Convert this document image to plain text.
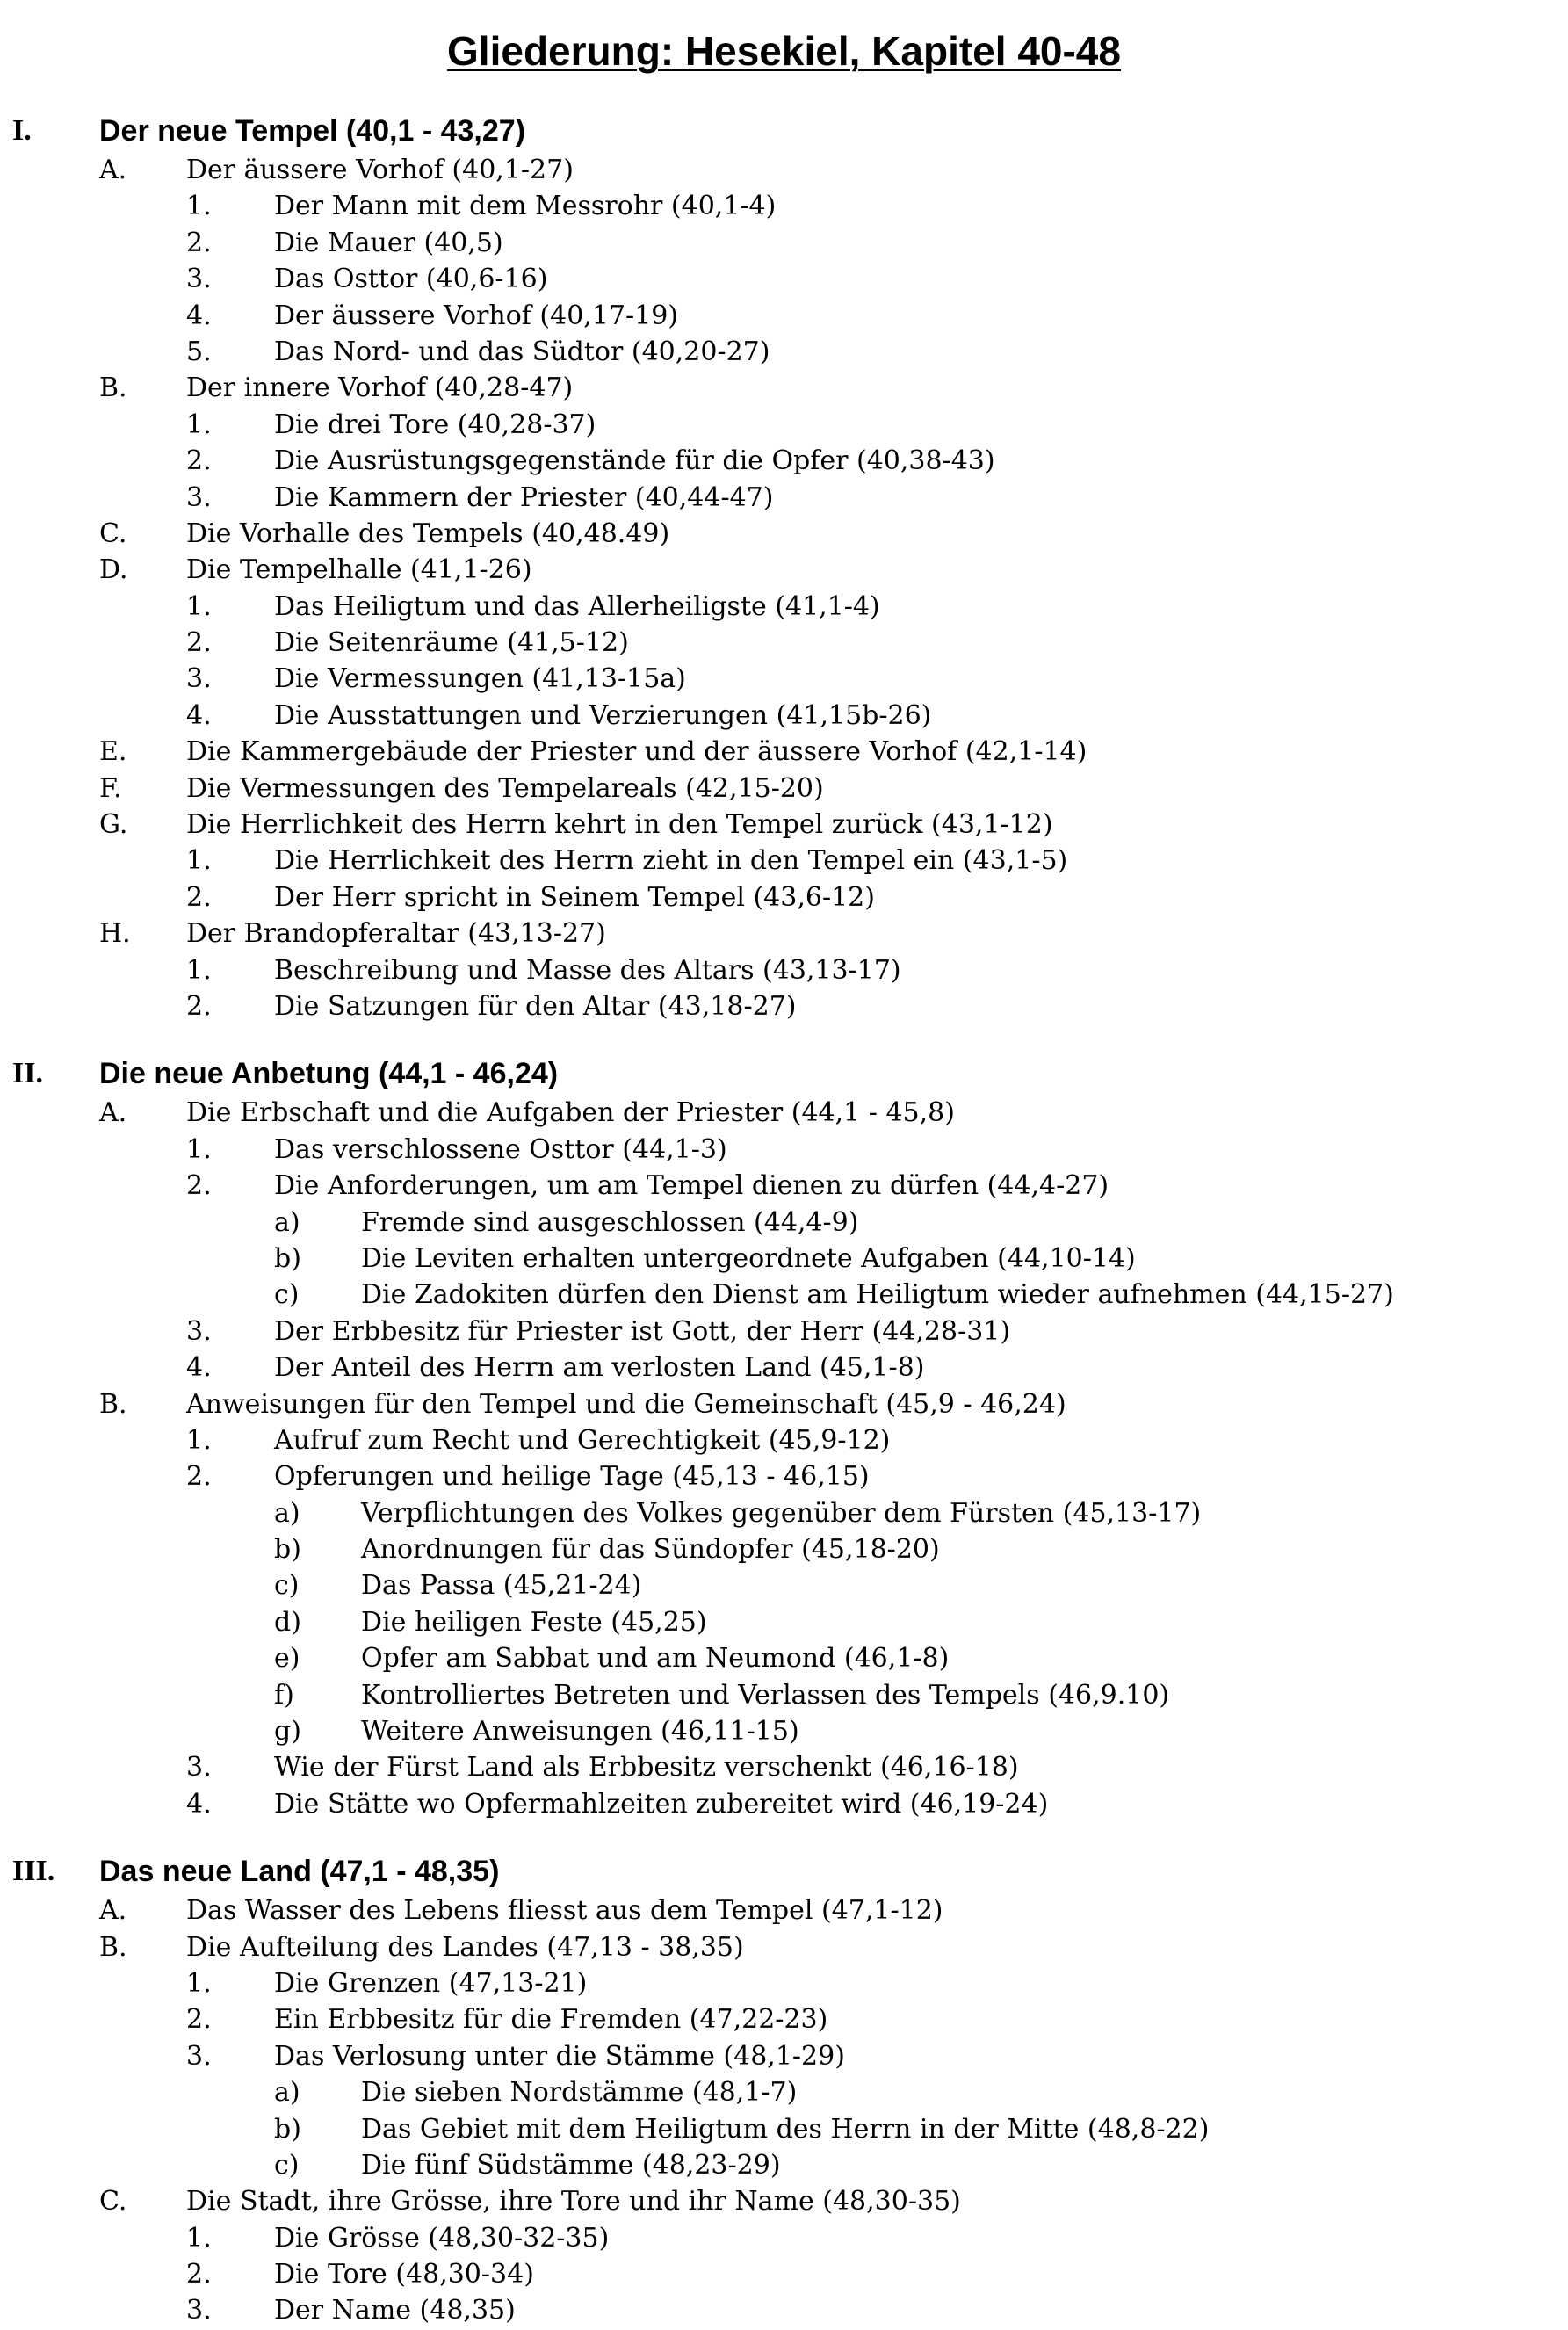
Gliederung: Hesekiel, Kapitel 40-48
I. Der neue Tempel (40,1 - 43,27)
A. Der äussere Vorhof (40,1-27)
1. Der Mann mit dem Messrohr (40,1-4)
2. Die Mauer (40,5)
3. Das Osttor (40,6-16)
4. Der äussere Vorhof (40,17-19)
5. Das Nord- und das Südtor (40,20-27)
B. Der innere Vorhof (40,28-47)
1. Die drei Tore (40,28-37)
2. Die Ausrüstungsgegenstände für die Opfer (40,38-43)
3. Die Kammern der Priester (40,44-47)
C. Die Vorhalle des Tempels (40,48.49)
D. Die Tempelhalle (41,1-26)
1. Das Heiligtum und das Allerheiligste (41,1-4)
2. Die Seitenräume (41,5-12)
3. Die Vermessungen (41,13-15a)
4. Die Ausstattungen und Verzierungen (41,15b-26)
E. Die Kammergebäude der Priester und der äussere Vorhof (42,1-14)
F. Die Vermessungen des Tempelareals (42,15-20)
G. Die Herrlichkeit des Herrn kehrt in den Tempel zurück (43,1-12)
1. Die Herrlichkeit des Herrn zieht in den Tempel ein (43,1-5)
2. Der Herr spricht in Seinem Tempel (43,6-12)
H. Der Brandopferaltar (43,13-27)
1. Beschreibung und Masse des Altars (43,13-17)
2. Die Satzungen für den Altar (43,18-27)
II. Die neue Anbetung (44,1 - 46,24)
A. Die Erbschaft und die Aufgaben der Priester (44,1 - 45,8)
1. Das verschlossene Osttor (44,1-3)
2. Die Anforderungen, um am Tempel dienen zu dürfen (44,4-27)
a) Fremde sind ausgeschlossen (44,4-9)
b) Die Leviten erhalten untergeordnete Aufgaben (44,10-14)
c) Die Zadokiten dürfen den Dienst am Heiligtum wieder aufnehmen (44,15-27)
3. Der Erbbesitz für Priester ist Gott, der Herr (44,28-31)
4. Der Anteil des Herrn am verlosten Land (45,1-8)
B. Anweisungen für den Tempel und die Gemeinschaft (45,9 - 46,24)
1. Aufruf zum Recht und Gerechtigkeit (45,9-12)
2. Opferungen und heilige Tage (45,13 - 46,15)
a) Verpflichtungen des Volkes gegenüber dem Fürsten (45,13-17)
b) Anordnungen für das Sündopfer (45,18-20)
c) Das Passa (45,21-24)
d) Die heiligen Feste (45,25)
e) Opfer am Sabbat und am Neumond (46,1-8)
f)	Kontrolliertes Betreten und Verlassen des Tempels (46,9.10)
g) Weitere Anweisungen (46,11-15)
3. Wie der Fürst Land als Erbbesitz verschenkt (46,16-18)
4. Die Stätte wo Opfermahlzeiten zubereitet wird (46,19-24)
III. Das neue Land (47,1 - 48,35)
A. Das Wasser des Lebens fliesst aus dem Tempel (47,1-12)
B. Die Aufteilung des Landes (47,13 - 38,35)
1. Die Grenzen (47,13-21)
2. Ein Erbbesitz für die Fremden (47,22-23)
3. Das Verlosung unter die Stämme (48,1-29)
a) Die sieben Nordstämme (48,1-7)
b) Das Gebiet mit dem Heiligtum des Herrn in der Mitte (48,8-22)
c) Die fünf Südstämme (48,23-29)
C. Die Stadt, ihre Grösse, ihre Tore und ihr Name (48,30-35)
1. Die Grösse (48,30-32-35)
2. Die Tore (48,30-34)
3. Der Name (48,35)
